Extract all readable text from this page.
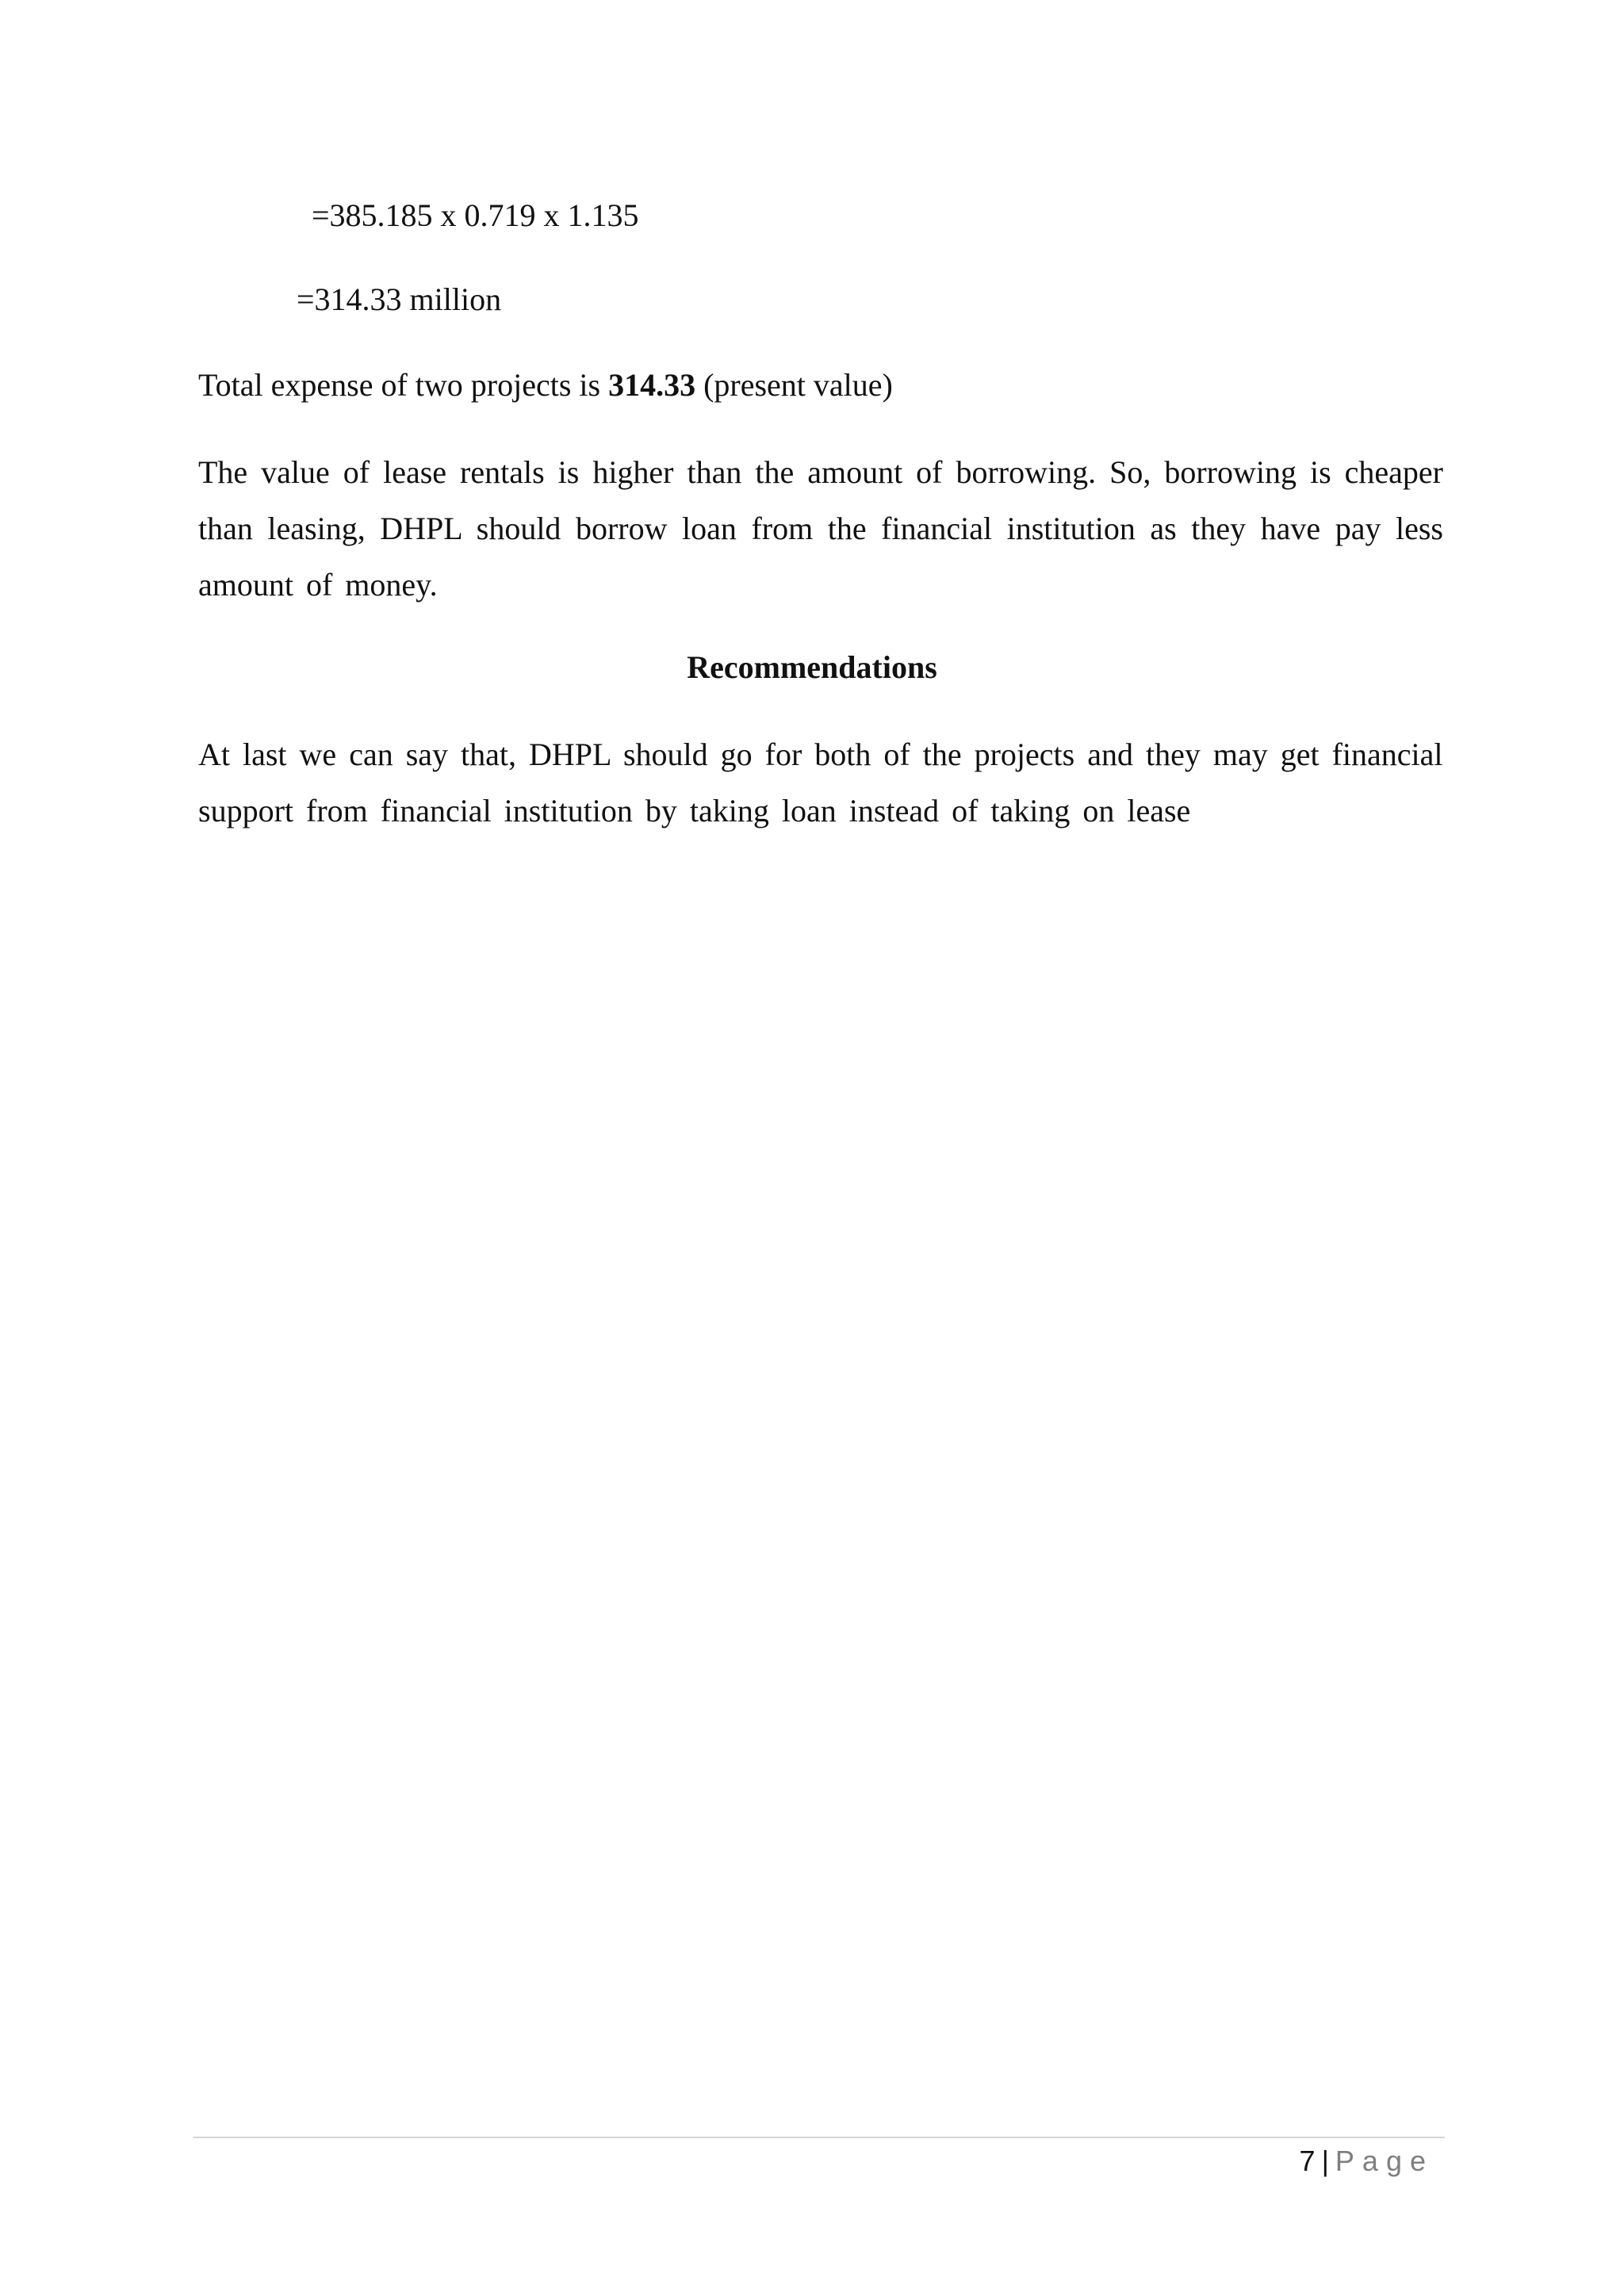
=385.185 x 0.719 x 1.135
=314.33 million
Total expense of two projects is 314.33 (present value)

The value of lease rentals is higher than the amount of borrowing. So, borrowing is cheaper than leasing, DHPL should borrow loan from the financial institution as they have pay less amount of money.

Recommendations

At last we can say that, DHPL should go for both of the projects and they may get financial support from financial institution by taking loan instead of taking on lease

7 | Page
